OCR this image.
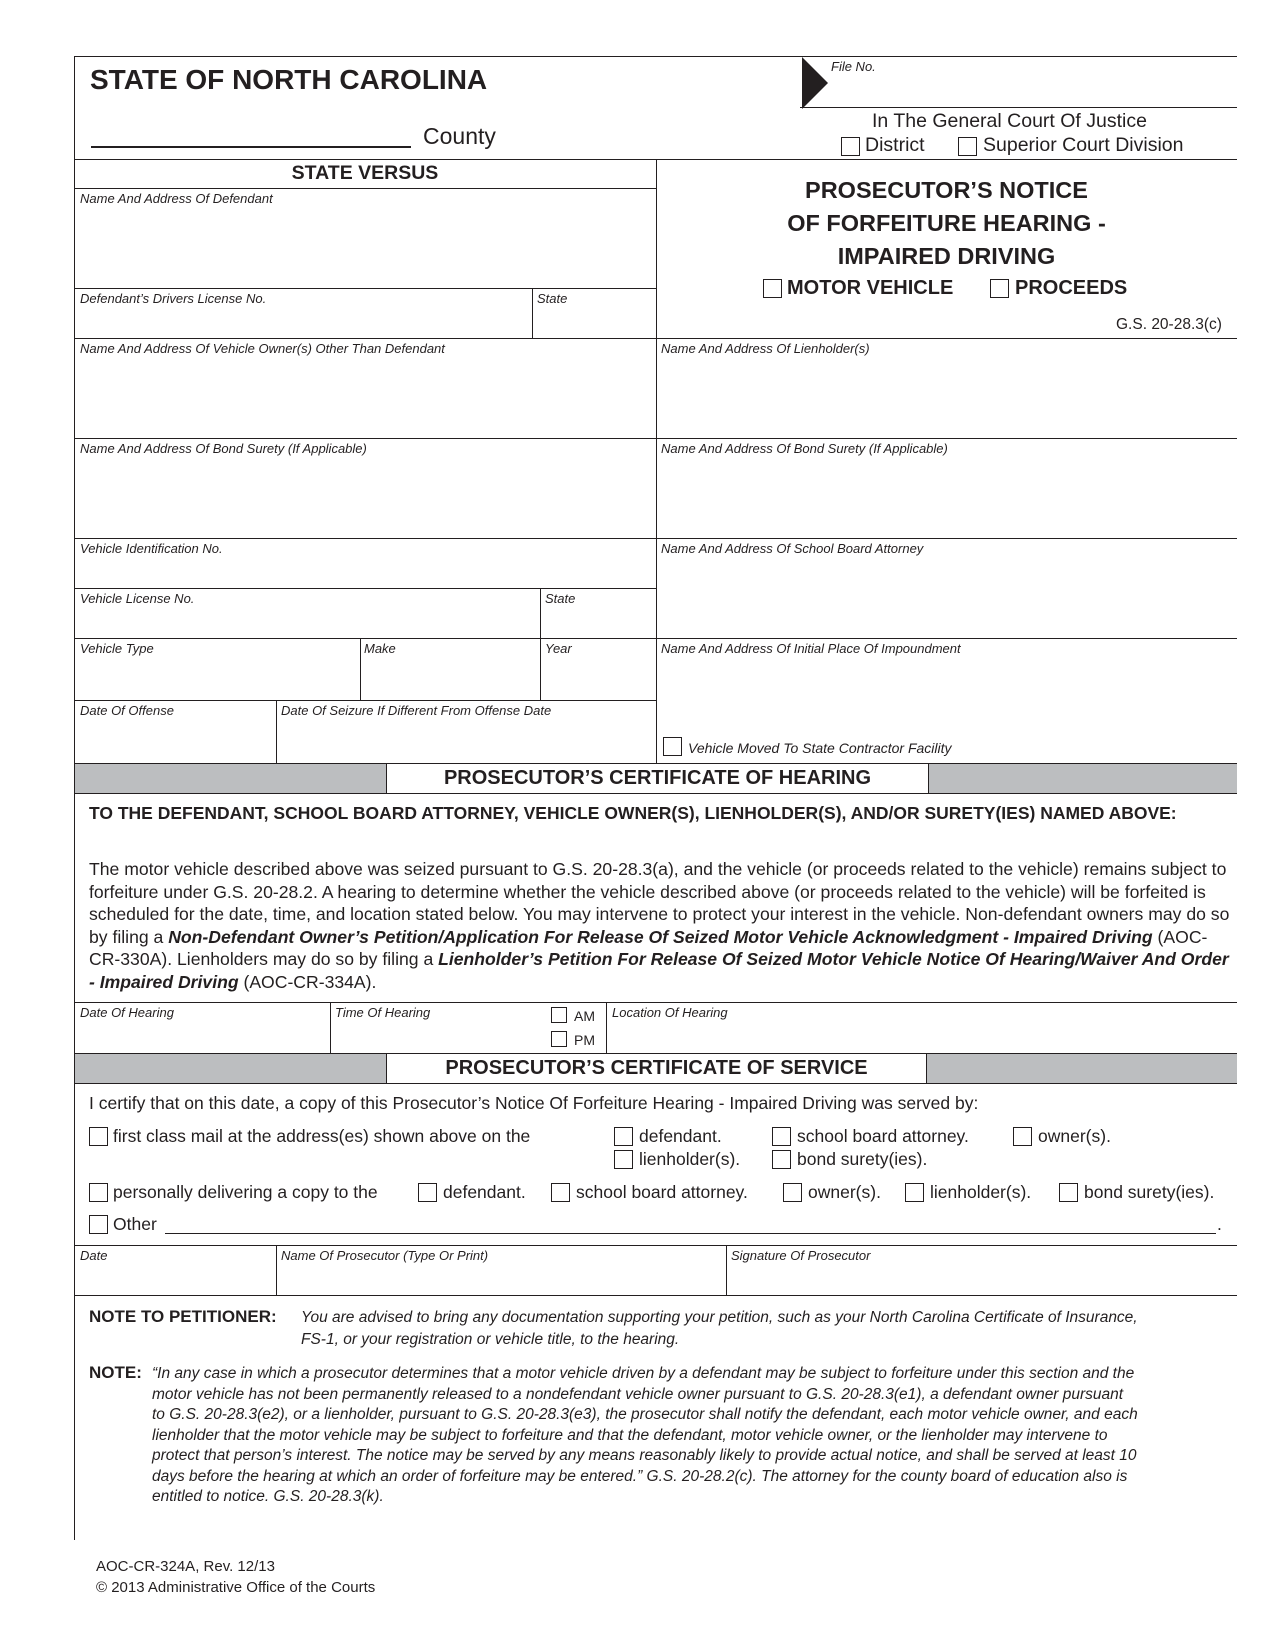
STATE OF NORTH CAROLINA
County
File No.
In The General Court Of Justice
District	Superior Court Division
STATE VERSUS
Name And Address Of Defendant
Defendant’s Drivers License No.	State
Name And Address Of Vehicle Owner(s) Other Than Defendant
Name And Address Of Bond Surety (If Applicable)
Vehicle Identification No.
Vehicle License No.	State
Vehicle Type	Make	Year
Date Of Offense	Date Of Seizure If Different From Offense Date
PROSECUTOR’S NOTICE
OF FORFEITURE HEARING -
IMPAIRED DRIVING
MOTOR VEHICLE	PROCEEDS
G.S. 20-28.3(c)
Name And Address Of Lienholder(s)
Name And Address Of Bond Surety (If Applicable)
Name And Address Of School Board Attorney
Name And Address Of Initial Place Of Impoundment
Vehicle Moved To State Contractor Facility
PROSECUTOR’S CERTIFICATE OF HEARING
TO THE DEFENDANT, SCHOOL BOARD ATTORNEY, VEHICLE OWNER(S), LIENHOLDER(S), AND/OR SURETY(IES) NAMED ABOVE:
The motor vehicle described above was seized pursuant to G.S. 20-28.3(a), and the vehicle (or proceeds related to the vehicle) remains subject to forfeiture under G.S. 20-28.2. A hearing to determine whether the vehicle described above (or proceeds related to the vehicle) will be forfeited is scheduled for the date, time, and location stated below. You may intervene to protect your interest in the vehicle. Non-defendant owners may do so by filing a Non-Defendant Owner’s Petition/Application For Release Of Seized Motor Vehicle Acknowledgment - Impaired Driving (AOC-CR-330A). Lienholders may do so by filing a Lienholder’s Petition For Release Of Seized Motor Vehicle Notice Of Hearing/Waiver And Order - Impaired Driving (AOC-CR-334A).
Date Of Hearing	Time Of Hearing	AM
PM
Location Of Hearing
PROSECUTOR’S CERTIFICATE OF SERVICE
I certify that on this date, a copy of this Prosecutor’s Notice Of Forfeiture Hearing - Impaired Driving was served by:
first class mail at the address(es) shown above on the	defendant.	school board attorney.	owner(s).
lienholder(s).	bond surety(ies).
personally delivering a copy to the	defendant.	school board attorney.	owner(s).	lienholder(s).	bond surety(ies).
Other	.
Date	Name Of Prosecutor (Type Or Print)	Signature Of Prosecutor
NOTE TO PETITIONER: You are advised to bring any documentation supporting your petition, such as your North Carolina Certificate of Insurance,
FS-1, or your registration or vehicle title, to the hearing.
NOTE: “In any case in which a prosecutor determines that a motor vehicle driven by a defendant may be subject to forfeiture under this section and the
motor vehicle has not been permanently released to a nondefendant vehicle owner pursuant to G.S. 20-28.3(e1), a defendant owner pursuant
to G.S. 20-28.3(e2), or a lienholder, pursuant to G.S. 20-28.3(e3), the prosecutor shall notify the defendant, each motor vehicle owner, and each
lienholder that the motor vehicle may be subject to forfeiture and that the defendant, motor vehicle owner, or the lienholder may intervene to
protect that person’s interest. The notice may be served by any means reasonably likely to provide actual notice, and shall be served at least 10
days before the hearing at which an order of forfeiture may be entered.” G.S. 20-28.2(c). The attorney for the county board of education also is
entitled to notice. G.S. 20-28.3(k).
AOC-CR-324A, Rev. 12/13
© 2013 Administrative Office of the Courts
